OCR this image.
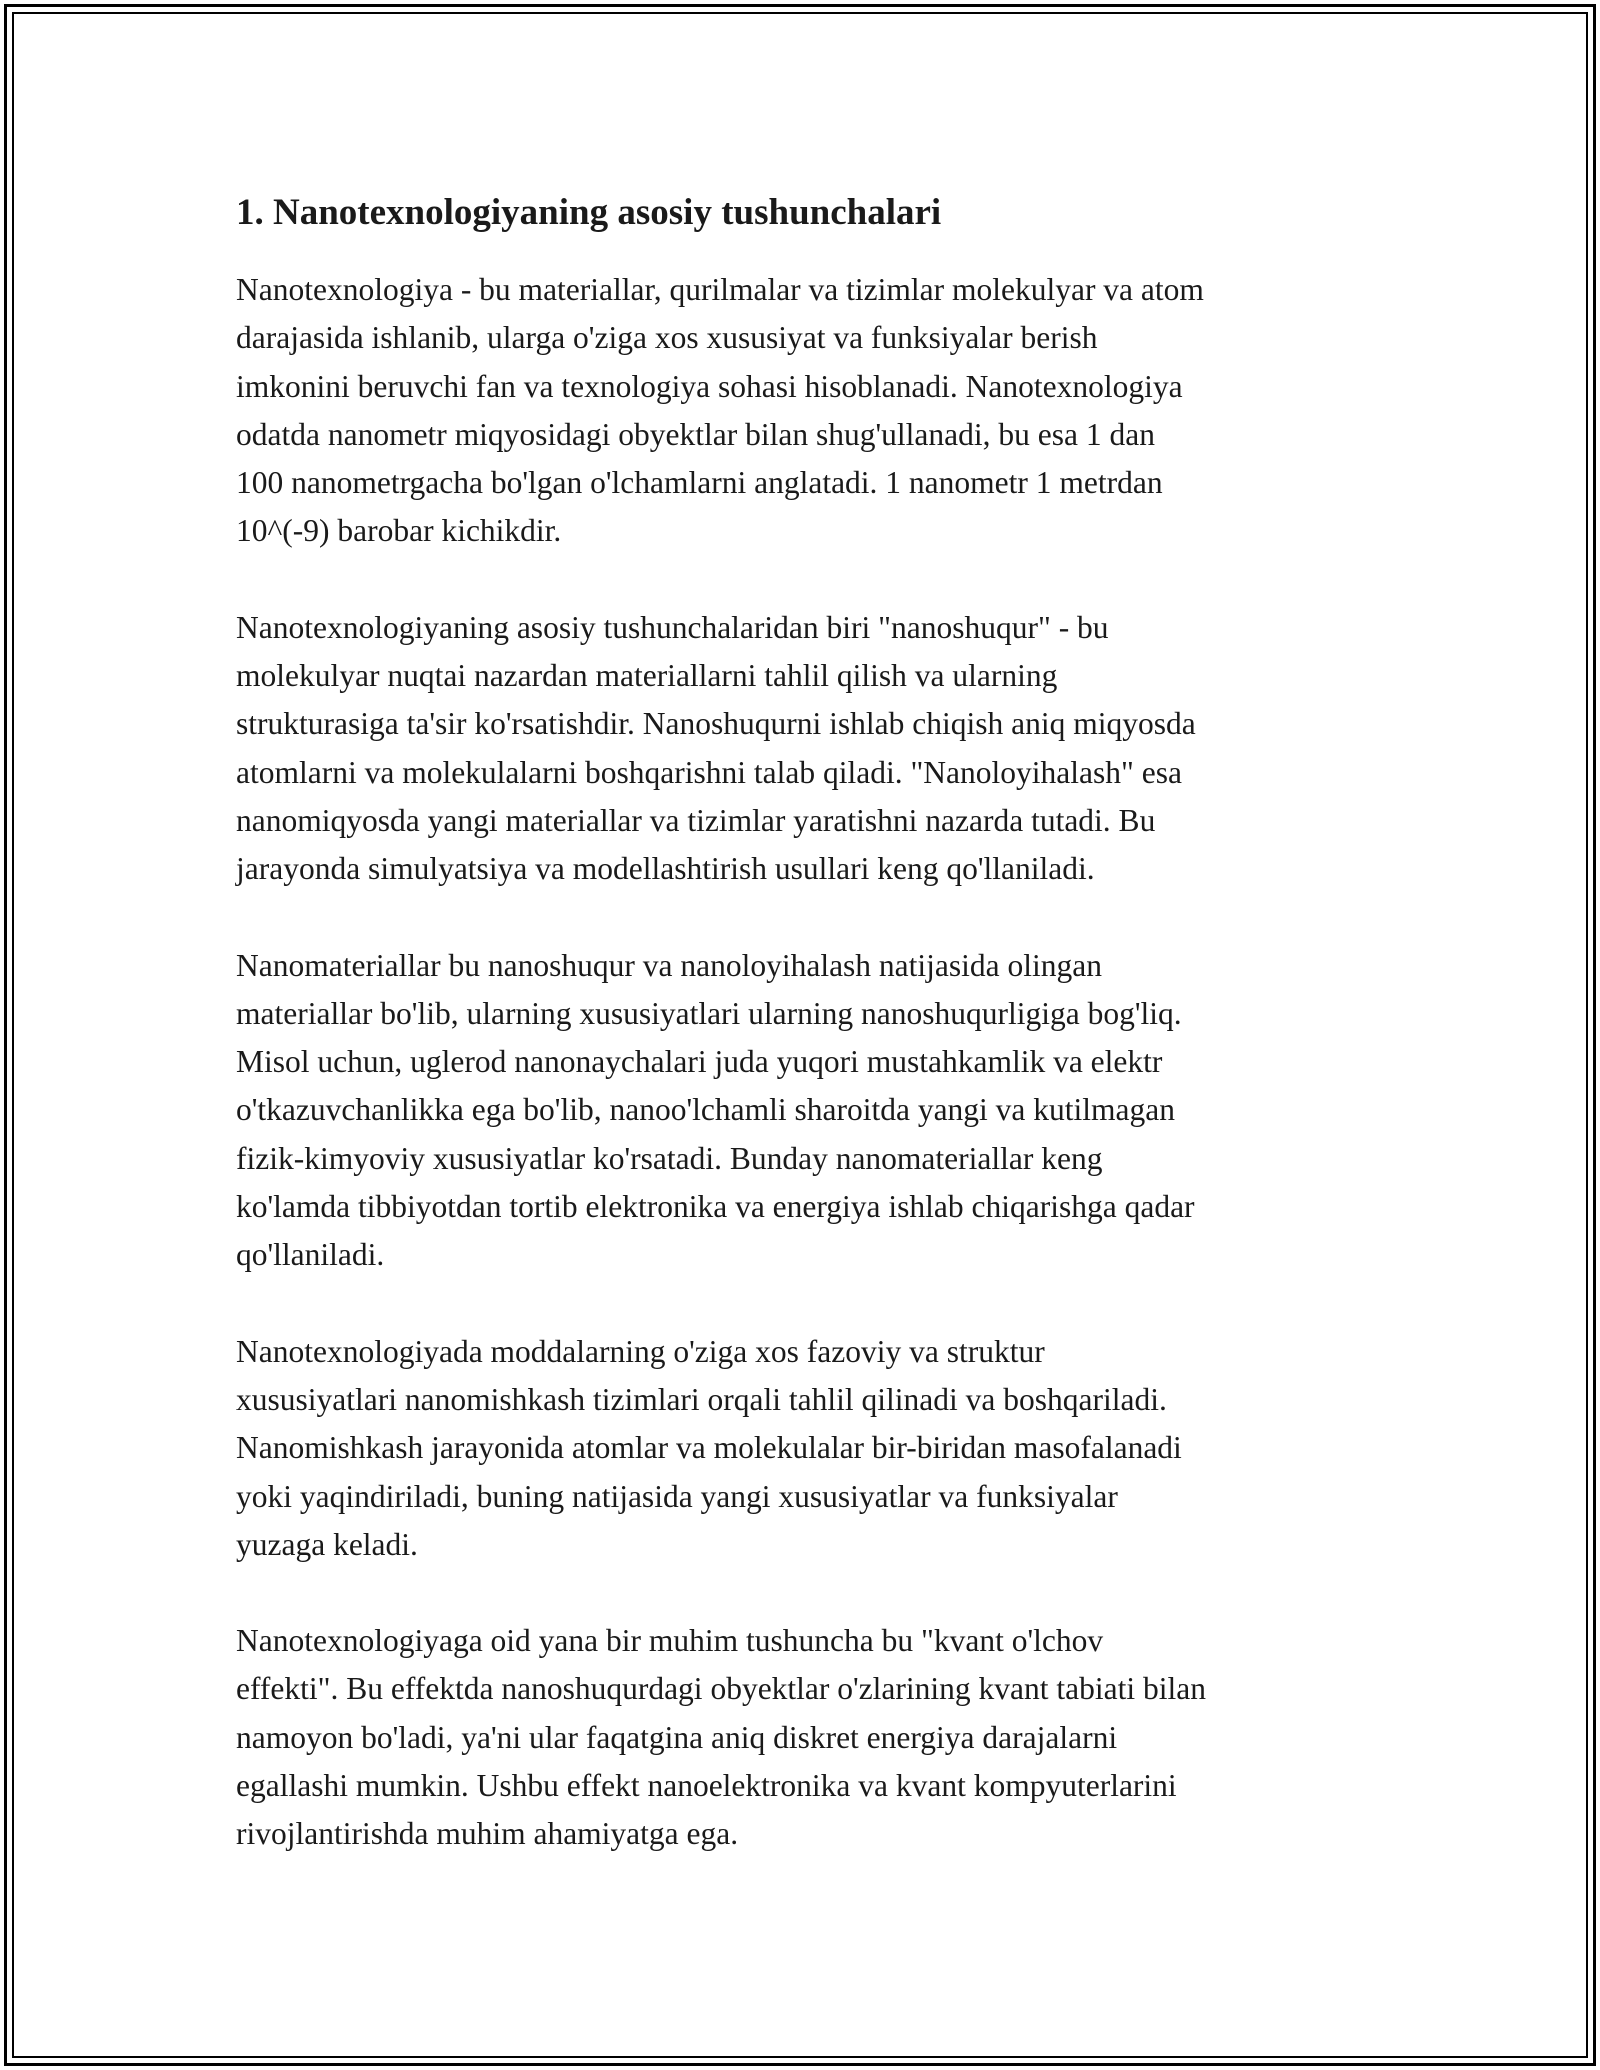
1. Nanotexnologiyaning asosiy tushunchalari

Nanotexnologiya - bu materiallar, qurilmalar va tizimlar molekulyar va atom
darajasida ishlanib, ularga o'ziga xos xususiyat va funksiyalar berish
imkonini beruvchi fan va texnologiya sohasi hisoblanadi. Nanotexnologiya
odatda nanometr miqyosidagi obyektlar bilan shug'ullanadi, bu esa 1 dan
100 nanometrgacha bo'lgan o'lchamlarni anglatadi. 1 nanometr 1 metrdan
10^(-9) barobar kichikdir.

Nanotexnologiyaning asosiy tushunchalaridan biri "nanoshuqur" - bu
molekulyar nuqtai nazardan materiallarni tahlil qilish va ularning
strukturasiga ta'sir ko'rsatishdir. Nanoshuqurni ishlab chiqish aniq miqyosda
atomlarni va molekulalarni boshqarishni talab qiladi. "Nanoloyihalash" esa
nanomiqyosda yangi materiallar va tizimlar yaratishni nazarda tutadi. Bu
jarayonda simulyatsiya va modellashtirish usullari keng qo'llaniladi.

Nanomateriallar bu nanoshuqur va nanoloyihalash natijasida olingan
materiallar bo'lib, ularning xususiyatlari ularning nanoshuqurligiga bog'liq.
Misol uchun, uglerod nanonaychalari juda yuqori mustahkamlik va elektr
o'tkazuvchanlikka ega bo'lib, nanoo'lchamli sharoitda yangi va kutilmagan
fizik-kimyoviy xususiyatlar ko'rsatadi. Bunday nanomateriallar keng
ko'lamda tibbiyotdan tortib elektronika va energiya ishlab chiqarishga qadar
qo'llaniladi.

Nanotexnologiyada moddalarning o'ziga xos fazoviy va struktur
xususiyatlari nanomishkash tizimlari orqali tahlil qilinadi va boshqariladi.
Nanomishkash jarayonida atomlar va molekulalar bir-biridan masofalanadi
yoki yaqindiriladi, buning natijasida yangi xususiyatlar va funksiyalar
yuzaga keladi.

Nanotexnologiyaga oid yana bir muhim tushuncha bu "kvant o'lchov
effekti". Bu effektda nanoshuqurdagi obyektlar o'zlarining kvant tabiati bilan
namoyon bo'ladi, ya'ni ular faqatgina aniq diskret energiya darajalarni
egallashi mumkin. Ushbu effekt nanoelektronika va kvant kompyuterlarini
rivojlantirishda muhim ahamiyatga ega.
